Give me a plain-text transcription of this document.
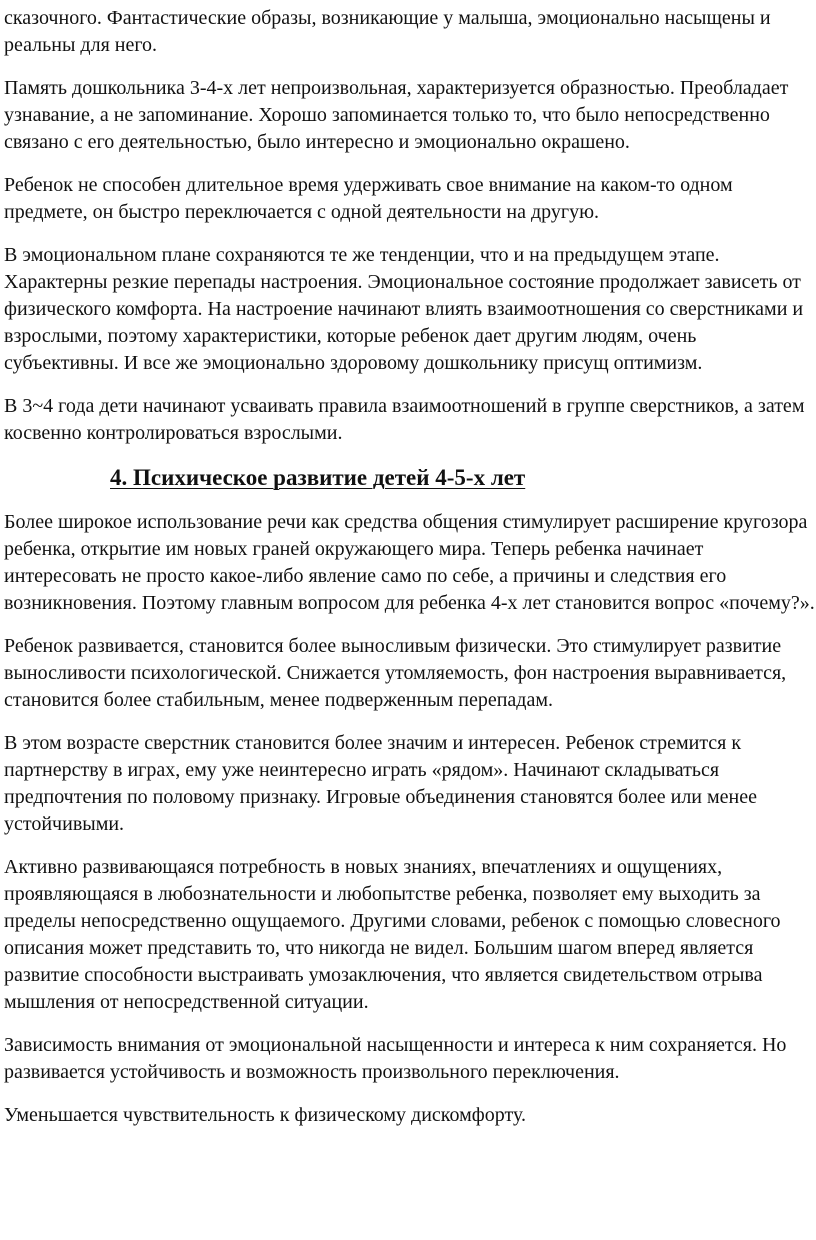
сказочного. Фантастические образы, возникающие у малыша, эмоционально насыщены и реальны для него.

Память дошкольника 3-4-х лет непроизвольная, характеризуется образностью. Преобладает узнавание, а не запоминание. Хорошо запоминается только то, что было непосредственно связано с его деятельностью, было интересно и эмоционально окрашено.

Ребенок не способен длительное время удерживать свое внимание на каком-то одном предмете, он быстро переключается с одной деятельности на другую.

В эмоциональном плане сохраняются те же тенденции, что и на предыдущем этапе. Характерны резкие перепады настроения. Эмоциональное состояние продолжает зависеть от физического комфорта. На настроение начинают влиять взаимоотношения со сверстниками и взрослыми, поэтому характеристики, которые ребенок дает другим людям, очень субъективны. И все же эмоционально здоровому дошкольнику присущ оптимизм.

В 3~4 года дети начинают усваивать правила взаимоотношений в группе сверстников, а затем косвенно контролироваться взрослыми.

4. Психическое развитие детей 4-5-х лет

Более широкое использование речи как средства общения стимулирует расширение кругозора ребенка, открытие им новых граней окружающего мира. Теперь ребенка начинает интересовать не просто какое-либо явление само по себе, а причины и следствия его возникновения. Поэтому главным вопросом для ребенка 4-х лет становится вопрос «почему?».

Ребенок развивается, становится более выносливым физически. Это стимулирует развитие выносливости психологической. Снижается утомляемость, фон настроения выравнивается, становится более стабильным, менее подверженным перепадам.

В этом возрасте сверстник становится более значим и интересен. Ребенок стремится к партнерству в играх, ему уже неинтересно играть «рядом». Начинают складываться предпочтения по половому признаку. Игровые объединения становятся более или менее устойчивыми.

Активно развивающаяся потребность в новых знаниях, впечатлениях и ощущениях, проявляющаяся в любознательности и любопытстве ребенка, позволяет ему выходить за пределы непосредственно ощущаемого. Другими словами, ребенок с помощью словесного описания может представить то, что никогда не видел. Большим шагом вперед является развитие способности выстраивать умозаключения, что является свидетельством отрыва мышления от непосредственной ситуации.

Зависимость внимания от эмоциональной насыщенности и интереса к ним сохраняется. Но развивается устойчивость и возможность произвольного переключения.

Уменьшается чувствительность к физическому дискомфорту.
